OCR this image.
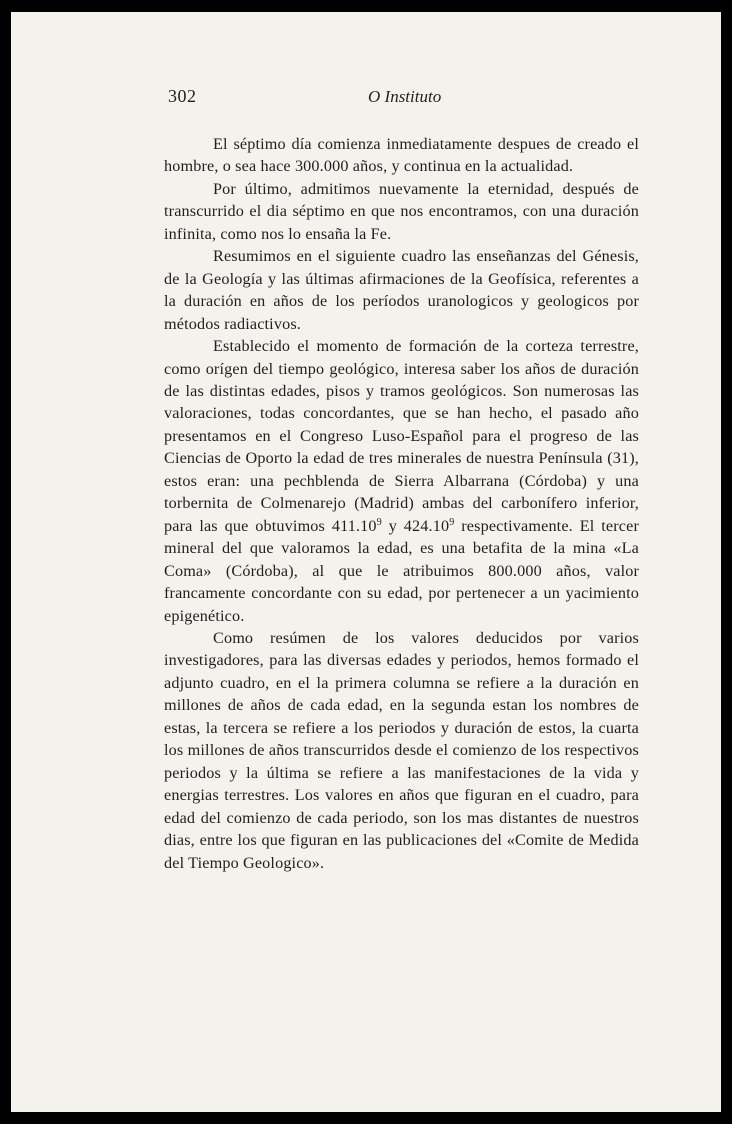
302	O Instituto

El séptimo día comienza inmediatamente despues de creado el hombre, o sea hace 300.000 años, y continua en la actualidad.

Por último, admitimos nuevamente la eternidad, después de transcurrido el dia séptimo en que nos encontramos, con una duración infinita, como nos lo ensaña la Fe.

Resumimos en el siguiente cuadro las enseñanzas del Génesis, de la Geología y las últimas afirmaciones de la Geofísica, referentes a la duración en años de los períodos uranologicos y geologicos por métodos radiactivos.

Establecido el momento de formación de la corteza terrestre, como orígen del tiempo geológico, interesa saber los años de duración de las distintas edades, pisos y tramos geológicos. Son numerosas las valoraciones, todas concordantes, que se han hecho, el pasado año presentamos en el Congreso Luso-Español para el progreso de las Ciencias de Oporto la edad de tres minerales de nuestra Península (31), estos eran: una pechblenda de Sierra Albarrana (Córdoba) y una torbernita de Colmenarejo (Madrid) ambas del carbonífero inferior, para las que obtuvimos 411.10$^9$ y 424.10$^9$ respectivamente. El tercer mineral del que valoramos la edad, es una betafita de la mina «La Coma» (Córdoba), al que le atribuimos 800.000 años, valor francamente concordante con su edad, por pertenecer a un yacimiento epigenético.

Como resúmen de los valores deducidos por varios investigadores, para las diversas edades y periodos, hemos formado el adjunto cuadro, en el la primera columna se refiere a la duración en millones de años de cada edad, en la segunda estan los nombres de estas, la tercera se refiere a los periodos y duración de estos, la cuarta los millones de años transcurridos desde el comienzo de los respectivos periodos y la última se refiere a las manifestaciones de la vida y energias terrestres. Los valores en años que figuran en el cuadro, para edad del comienzo de cada periodo, son los mas distantes de nuestros dias, entre los que figuran en las publicaciones del «Comite de Medida del Tiempo Geologico».
